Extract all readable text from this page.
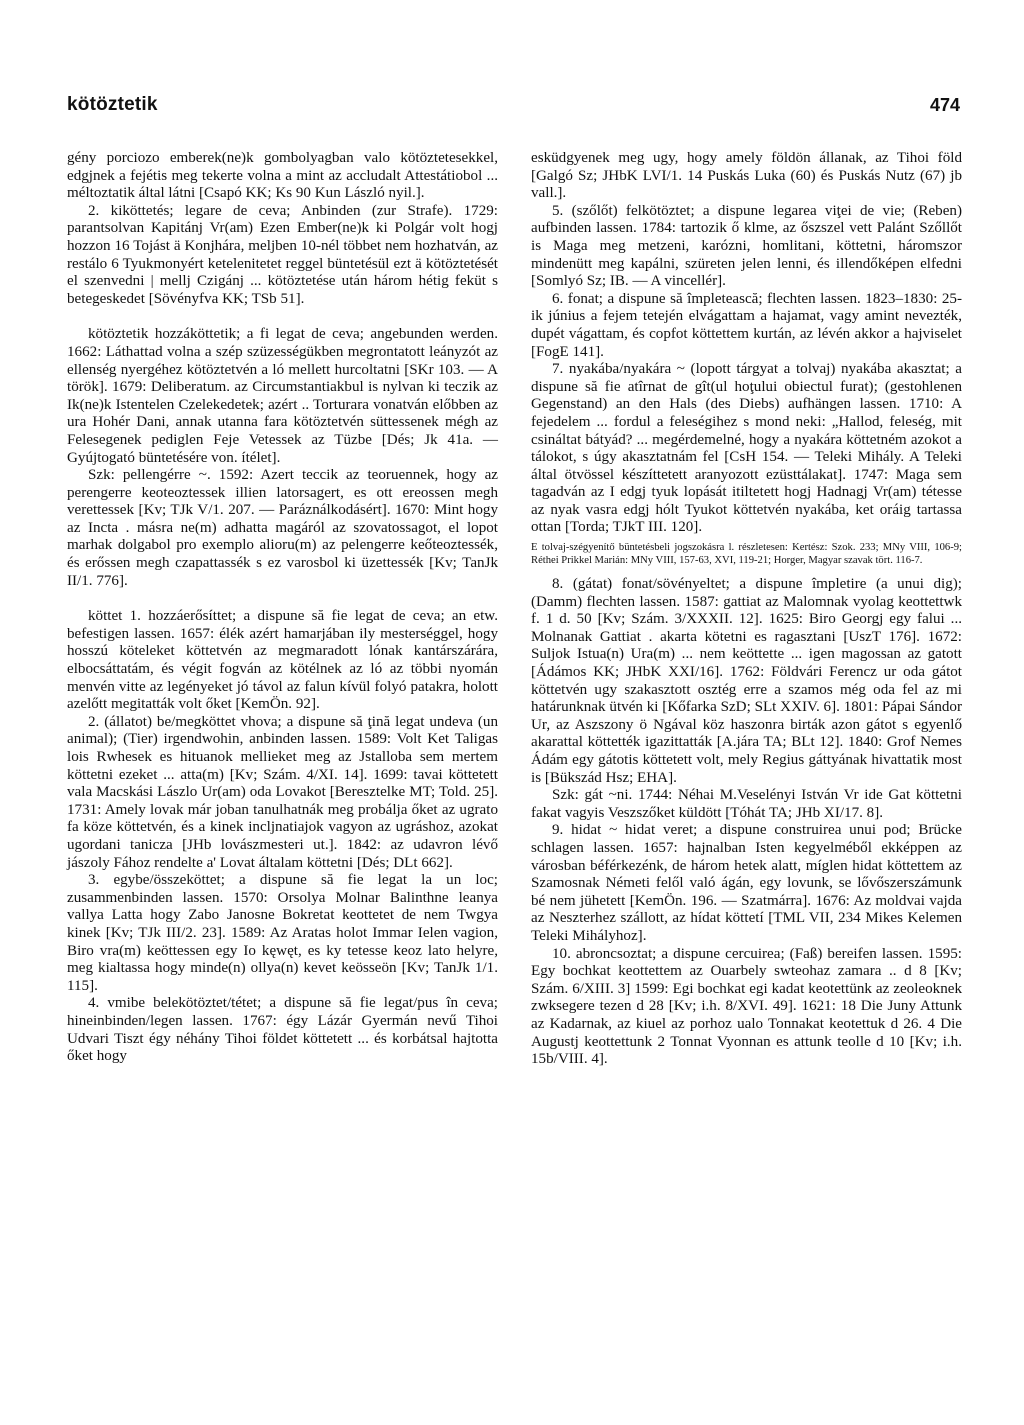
kötöztetik	474

gény porciozo emberek(ne)k gombolyagban valo kötöztetesekkel, edgjnek a fejétis meg tekerte volna a mint az accludalt Attestátiobol ... méltoztatik által látni [Csapó KK; Ks 90 Kun László nyil.].

2. kiköttetés; legare de ceva; Anbinden (zur Strafe). 1729: parantsolvan Kapitánj Vr(am) Ezen Ember(ne)k ki Polgár volt hogj hozzon 16 Tojást ä Konjhára, meljben 10-nél többet nem hozhatván, az restálo 6 Tyukmonyért ketelenitetet reggel büntetésül ezt ä kötöztetését el szenvedni | mellj Czigánj ... kötöztetése után három hétig feküt s betegeskedet [Sövényfva KK; TSb 51].

kötöztetik hozzáköttetik; a fi legat de ceva; angebunden werden. 1662: Láthattad volna a szép szüzességükben megrontatott leányzót az ellenség nyergéhez kötöztetvén a ló mellett hurcoltatni [SKr 103. — A török]. 1679: Deliberatum. az Circumstantiakbul is nylvan ki teczik az Ik(ne)k Istentelen Czelekedetek; azért .. Torturara vonatván előbben az ura Hohér Dani, annak utanna fara kötöztetvén süttessenek mégh az Felesegenek pediglen Feje Vetessek az Tüzbe [Dés; Jk 41a. — Gyújtogató büntetésére von. ítélet].

Szk: pellengérre ~. 1592: Azert teccik az teoruennek, hogy az perengerre keoteoztessek illien latorsagert, es ott ereossen megh verettessek [Kv; TJk V/1. 207. — Paráználkodásért]. 1670: Mint hogy az Incta . másra ne(m) adhatta magáról az szovatossagot, el lopot marhak dolgabol pro exemplo alioru(m) az pelengerre keőteoztessék, és erőssen megh czapattassék s ez varosbol ki üzettessék [Kv; TanJk II/1. 776].

köttet 1. hozzáerősíttet; a dispune să fie legat de ceva; an etw. befestigen lassen. 1657: élék azért hamarjában ily mesterséggel, hogy hosszú köteleket köttetvén az megmaradott lónak kantárszárára, elbocsáttatám, és végit fogván az kötélnek az ló az többi nyomán menvén vitte az legényeket jó távol az falun kívül folyó patakra, holott azelőtt megitatták volt őket [KemÖn. 92].

2. (állatot) be/megköttet vhova; a dispune să ţină legat undeva (un animal); (Tier) irgendwohin, anbinden lassen. 1589: Volt Ket Taligas lois Rwhesek es hituanok mellieket meg az Jstalloba sem mertem köttetni ezeket ... atta(m) [Kv; Szám. 4/XI. 14]. 1699: tavai köttetett vala Macskási Lászlo Ur(am) oda Lovakot [Beresztelke MT; Told. 25]. 1731: Amely lovak már joban tanulhatnák meg probálja őket az ugrato fa köze köttetvén, és a kinek incljnatiajok vagyon az ugráshoz, azokat ugordani tanicza [JHb lovászmesteri ut.]. 1842: az udavron lévő jászoly Fához rendelte a' Lovat általam köttetni [Dés; DLt 662].

3. egybe/összeköttet; a dispune să fie legat la un loc; zusammenbinden lassen. 1570: Orsolya Molnar Balinthne leanya vallya Latta hogy Zabo Janosne Bokretat keottetet de nem Twgya kinek [Kv; TJk III/2. 23]. 1589: Az Aratas holot Immar Ielen vagion, Biro vra(m) keöttessen egy Io kęwęt, es ky tetesse keoz lato helyre, meg kialtassa hogy minde(n) ollya(n) kevet keösseön [Kv; TanJk 1/1. 115].

4. vmibe belekötöztet/tétet; a dispune să fie legat/pus în ceva; hineinbinden/legen lassen. 1767: égy Lázár Gyermán nevű Tihoi Udvari Tiszt égy néhány Tihoi földet köttetett ... és korbátsal hajtotta őket hogy

esküdgyenek meg ugy, hogy amely földön állanak, az Tihoi föld [Galgó Sz; JHbK LVI/1. 14 Puskás Luka (60) és Puskás Nutz (67) jb vall.].

5. (szőlőt) felkötöztet; a dispune legarea viţei de vie; (Reben) aufbinden lassen. 1784: tartozik ő klme, az őszszel vett Palánt Szőllőt is Maga meg metzeni, karózni, homlitani, köttetni, háromszor mindenütt meg kapálni, szüreten jelen lenni, és illendőképen elfedni [Somlyó Sz; IB. — A vincellér].

6. fonat; a dispune să împletească; flechten lassen. 1823–1830: 25-ik június a fejem tetején elvágattam a hajamat, vagy amint nevezték, dupét vágattam, és copfot köttettem kurtán, az lévén akkor a hajviselet [FogE 141].

7. nyakába/nyakára ~ (lopott tárgyat a tolvaj) nyakába akasztat; a dispune să fie atîrnat de gît(ul hoţului obiectul furat); (gestohlenen Gegenstand) an den Hals (des Diebs) aufhängen lassen. 1710: A fejedelem ... fordul a feleségihez s mond neki: „Hallod, feleség, mit csináltat bátyád? ... megérdemelné, hogy a nyakára köttetném azokot a tálokot, s úgy akasztatnám fel [CsH 154. — Teleki Mihály. A Teleki által ötvössel készíttetett aranyozott ezüsttálakat]. 1747: Maga sem tagadván az I edgj tyuk lopását itiltetett hogj Hadnagj Vr(am) tétesse az nyak vasra edgj hólt Tyukot köttetvén nyakába, ket oráig tartassa ottan [Torda; TJkT III. 120].

E tolvaj-szégyenítő büntetésbeli jogszokásra l. részletesen: Kertész: Szok. 233; MNy VIII, 106-9; Réthei Prikkel Marián: MNy VIII, 157-63, XVI, 119-21; Horger, Magyar szavak tört. 116-7.

8. (gátat) fonat/sövényeltet; a dispune împletire (a unui dig); (Damm) flechten lassen. 1587: gattiat az Malomnak vyolag keottettwk f. 1 d. 50 [Kv; Szám. 3/XXXII. 12]. 1625: Biro Georgj egy falui ... Molnanak Gattiat . akarta kötetni es ragasztani [UszT 176]. 1672: Suljok Istua(n) Ura(m) ... nem keöttette ... igen magossan az gatott [Ádámos KK; JHbK XXI/16]. 1762: Földvári Ferencz ur oda gátot köttetvén ugy szakasztott osztég erre a szamos még oda fel az mi határunknak ütvén ki [Kőfarka SzD; SLt XXIV. 6]. 1801: Pápai Sándor Ur, az Aszszony ö Ngával köz haszonra birták azon gátot s egyenlő akarattal köttették igazittatták [A.jára TA; BLt 12]. 1840: Grof Nemes Ádám egy gátotis köttetett volt, mely Regius gáttyának hivattatik most is [Bükszád Hsz; EHA].

Szk: gát ~ni. 1744: Néhai M.Veselényi István Vr ide Gat köttetni fakat vagyis Veszszőket küldött [Tóhát TA; JHb XI/17. 8].

9. hidat ~ hidat veret; a dispune construirea unui pod; Brücke schlagen lassen. 1657: hajnalban Isten kegyelméből ekképpen az városban béférkezénk, de három hetek alatt, míglen hidat köttettem az Szamosnak Németi felől való ágán, egy lovunk, se lővőszerszámunk bé nem jühetett [KemÖn. 196. — Szatmárra]. 1676: Az moldvai vajda az Neszterhez szállott, az hídat köttetí [TML VII, 234 Mikes Kelemen Teleki Mihályhoz].

10. abroncsoztat; a dispune cercuirea; (Faß) bereifen lassen. 1595: Egy bochkat keottettem az Ouarbely swteohaz zamara .. d 8 [Kv; Szám. 6/XIII. 3] 1599: Egi bochkat egi kadat keotettünk az zeoleoknek zwksegere tezen d 28 [Kv; i.h. 8/XVI. 49]. 1621: 18 Die Juny Attunk az Kadarnak, az kiuel az porhoz ualo Tonnakat keotettuk d 26. 4 Die Augustj keottettunk 2 Tonnat Vyonnan es attunk teolle d 10 [Kv; i.h. 15b/VIII. 4].
